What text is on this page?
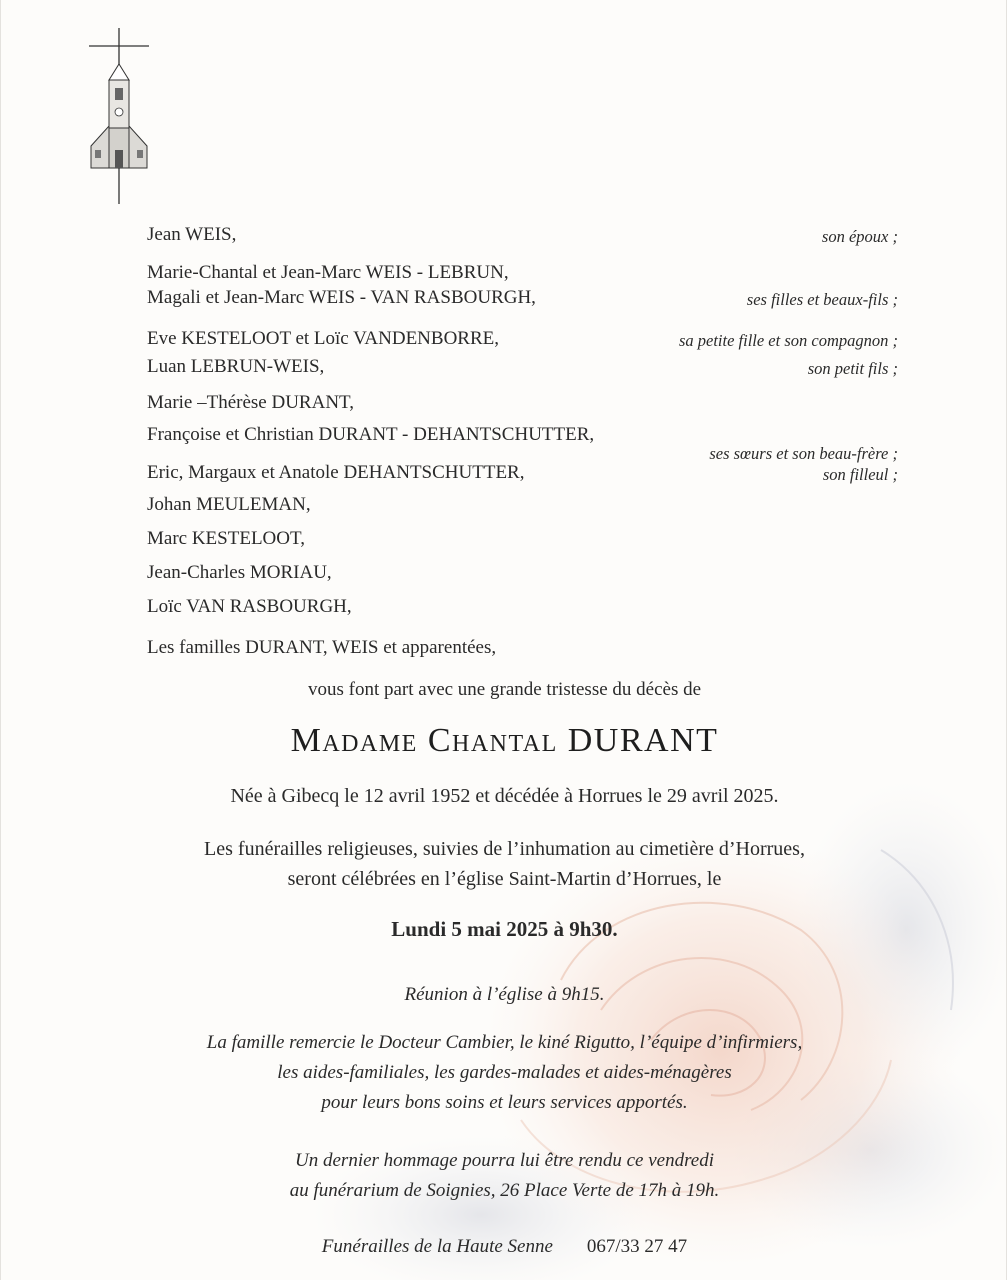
Jean WEIS,
Marie-Chantal et Jean-Marc WEIS - LEBRUN,
Magali et Jean-Marc WEIS - VAN RASBOURGH,
Eve KESTELOOT et Loïc VANDENBORRE,
Luan LEBRUN-WEIS,
Marie –Thérèse DURANT,
Françoise et Christian DURANT - DEHANTSCHUTTER,
Eric, Margaux et Anatole DEHANTSCHUTTER,
Johan MEULEMAN,
Marc KESTELOOT,
Jean-Charles MORIAU,
Loïc VAN RASBOURGH,
Les familles DURANT, WEIS et apparentées,
son époux ;
ses filles et beaux-fils ;
sa petite fille et son compagnon ;
son petit fils ;
ses sœurs et son beau-frère ;
son filleul ;
vous font part avec une grande tristesse du décès de
Madame Chantal DURANT
Née à Gibecq le 12 avril 1952 et décédée à Horrues le 29 avril 2025.
Les funérailles religieuses, suivies de l’inhumation au cimetière d’Horrues,
seront célébrées en l’église Saint-Martin d’Horrues, le
Lundi 5 mai 2025 à 9h30.
Réunion à l’église à 9h15.
La famille remercie le Docteur Cambier, le kiné Rigutto, l’équipe d’infirmiers,
les aides-familiales, les gardes-malades et aides-ménagères
pour leurs bons soins et leurs services apportés.
Un dernier hommage pourra lui être rendu ce vendredi
au funérarium de Soignies, 26 Place Verte de 17h à 19h.
Funérailles de la Haute Senne 067/33 27 47
